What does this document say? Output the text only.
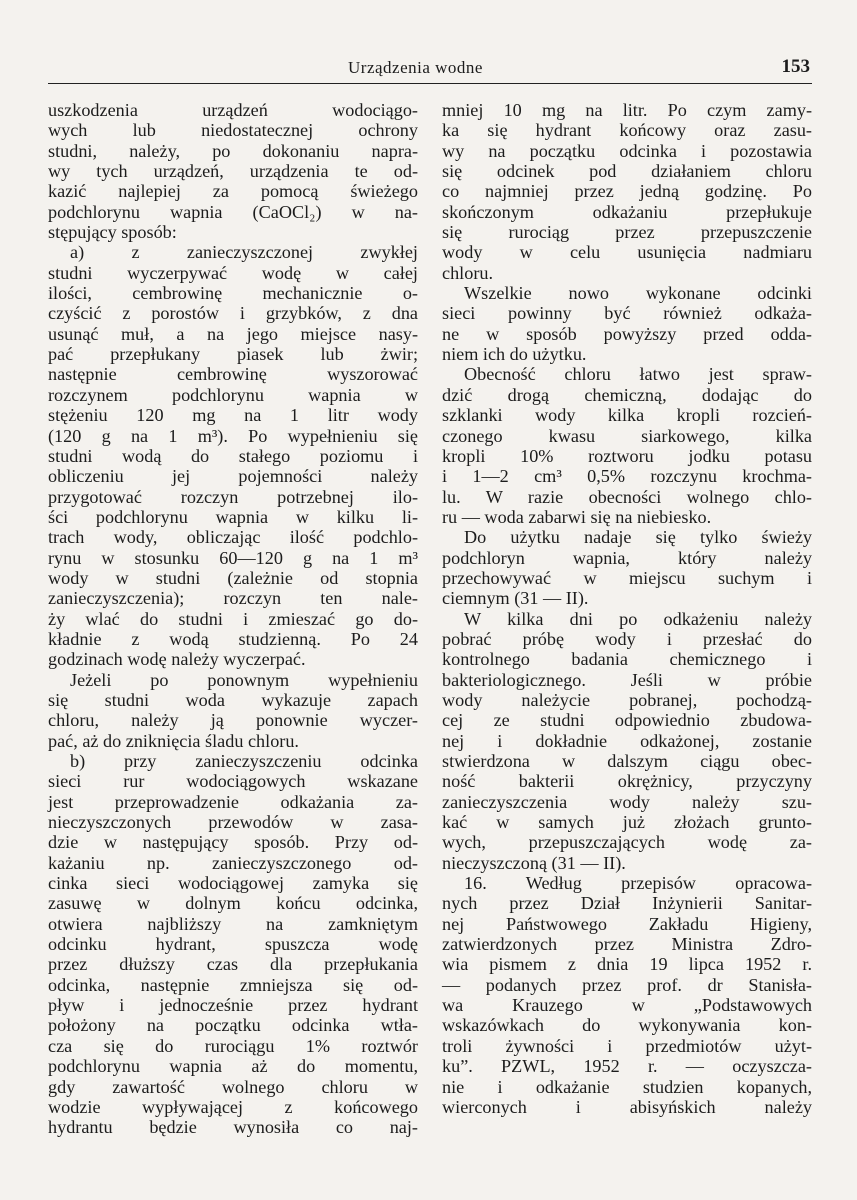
Urządzenia wodne	153
uszkodzenia urządzeń wodociągo-
wych lub niedostatecznej ochrony
studni, należy, po dokonaniu napra-
wy tych urządzeń, urządzenia te od-
kazić najlepiej za pomocą świeżego
podchlorynu wapnia (CaOCl₂) w na-
stępujący sposób:
a) z zanieczyszczonej zwykłej
studni wyczerpywać wodę w całej
ilości, cembrowinę mechanicznie o-
czyścić z porostów i grzybków, z dna
usunąć muł, a na jego miejsce nasy-
pać przepłukany piasek lub żwir;
następnie cembrowinę wyszorować
rozczynem podchlorynu wapnia w
stężeniu 120 mg na 1 litr wody
(120 g na 1 m³). Po wypełnieniu się
studni wodą do stałego poziomu i
obliczeniu jej pojemności należy
przygotować rozczyn potrzebnej ilo-
ści podchlorynu wapnia w kilku li-
trach wody, obliczając ilość podchlo-
rynu w stosunku 60—120 g na 1 m³
wody w studni (zależnie od stopnia
zanieczyszczenia); rozczyn ten nale-
ży wlać do studni i zmieszać go do-
kładnie z wodą studzienną. Po 24
godzinach wodę należy wyczerpać.
Jeżeli po ponownym wypełnieniu
się studni woda wykazuje zapach
chloru, należy ją ponownie wyczer-
pać, aż do zniknięcia śladu chloru.
b) przy zanieczyszczeniu odcinka
sieci rur wodociągowych wskazane
jest przeprowadzenie odkażania za-
nieczyszczonych przewodów w zasa-
dzie w następujący sposób. Przy od-
każaniu np. zanieczyszczonego od-
cinka sieci wodociągowej zamyka się
zasuwę w dolnym końcu odcinka,
otwiera najbliższy na zamkniętym
odcinku hydrant, spuszcza wodę
przez dłuższy czas dla przepłukania
odcinka, następnie zmniejsza się od-
pływ i jednocześnie przez hydrant
położony na początku odcinka wtła-
cza się do rurociągu 1% roztwór
podchlorynu wapnia aż do momentu,
gdy zawartość wolnego chloru w
wodzie wypływającej z końcowego
hydrantu będzie wynosiła co naj-
mniej 10 mg na litr. Po czym zamy-
ka się hydrant końcowy oraz zasu-
wy na początku odcinka i pozostawia
się odcinek pod działaniem chloru
co najmniej przez jedną godzinę. Po
skończonym odkażaniu przepłukuje
się rurociąg przez przepuszczenie
wody w celu usunięcia nadmiaru
chloru.
Wszelkie nowo wykonane odcinki
sieci powinny być również odkaża-
ne w sposób powyższy przed odda-
niem ich do użytku.
Obecność chloru łatwo jest spraw-
dzić drogą chemiczną, dodając do
szklanki wody kilka kropli rozcień-
czonego kwasu siarkowego, kilka
kropli 10% roztworu jodku potasu
i 1—2 cm³ 0,5% rozczynu krochma-
lu. W razie obecności wolnego chlo-
ru — woda zabarwi się na niebiesko.
Do użytku nadaje się tylko świeży
podchloryn wapnia, który należy
przechowywać w miejscu suchym i
ciemnym (31 — II).
W kilka dni po odkażeniu należy
pobrać próbę wody i przesłać do
kontrolnego badania chemicznego i
bakteriologicznego. Jeśli w próbie
wody należycie pobranej, pochodzą-
cej ze studni odpowiednio zbudowa-
nej i dokładnie odkażonej, zostanie
stwierdzona w dalszym ciągu obec-
ność bakterii okrężnicy, przyczyny
zanieczyszczenia wody należy szu-
kać w samych już złożach grunto-
wych, przepuszczających wodę za-
nieczyszczoną (31 — II).
16. Według przepisów opracowa-
nych przez Dział Inżynierii Sanitar-
nej Państwowego Zakładu Higieny,
zatwierdzonych przez Ministra Zdro-
wia pismem z dnia 19 lipca 1952 r.
— podanych przez prof. dr Stanisła-
wa Krauzego w „Podstawowych
wskazówkach do wykonywania kon-
troli żywności i przedmiotów użyt-
ku”. PZWL, 1952 r. — oczyszcza-
nie i odkażanie studzien kopanych,
wierconych i abisyńskich należy
